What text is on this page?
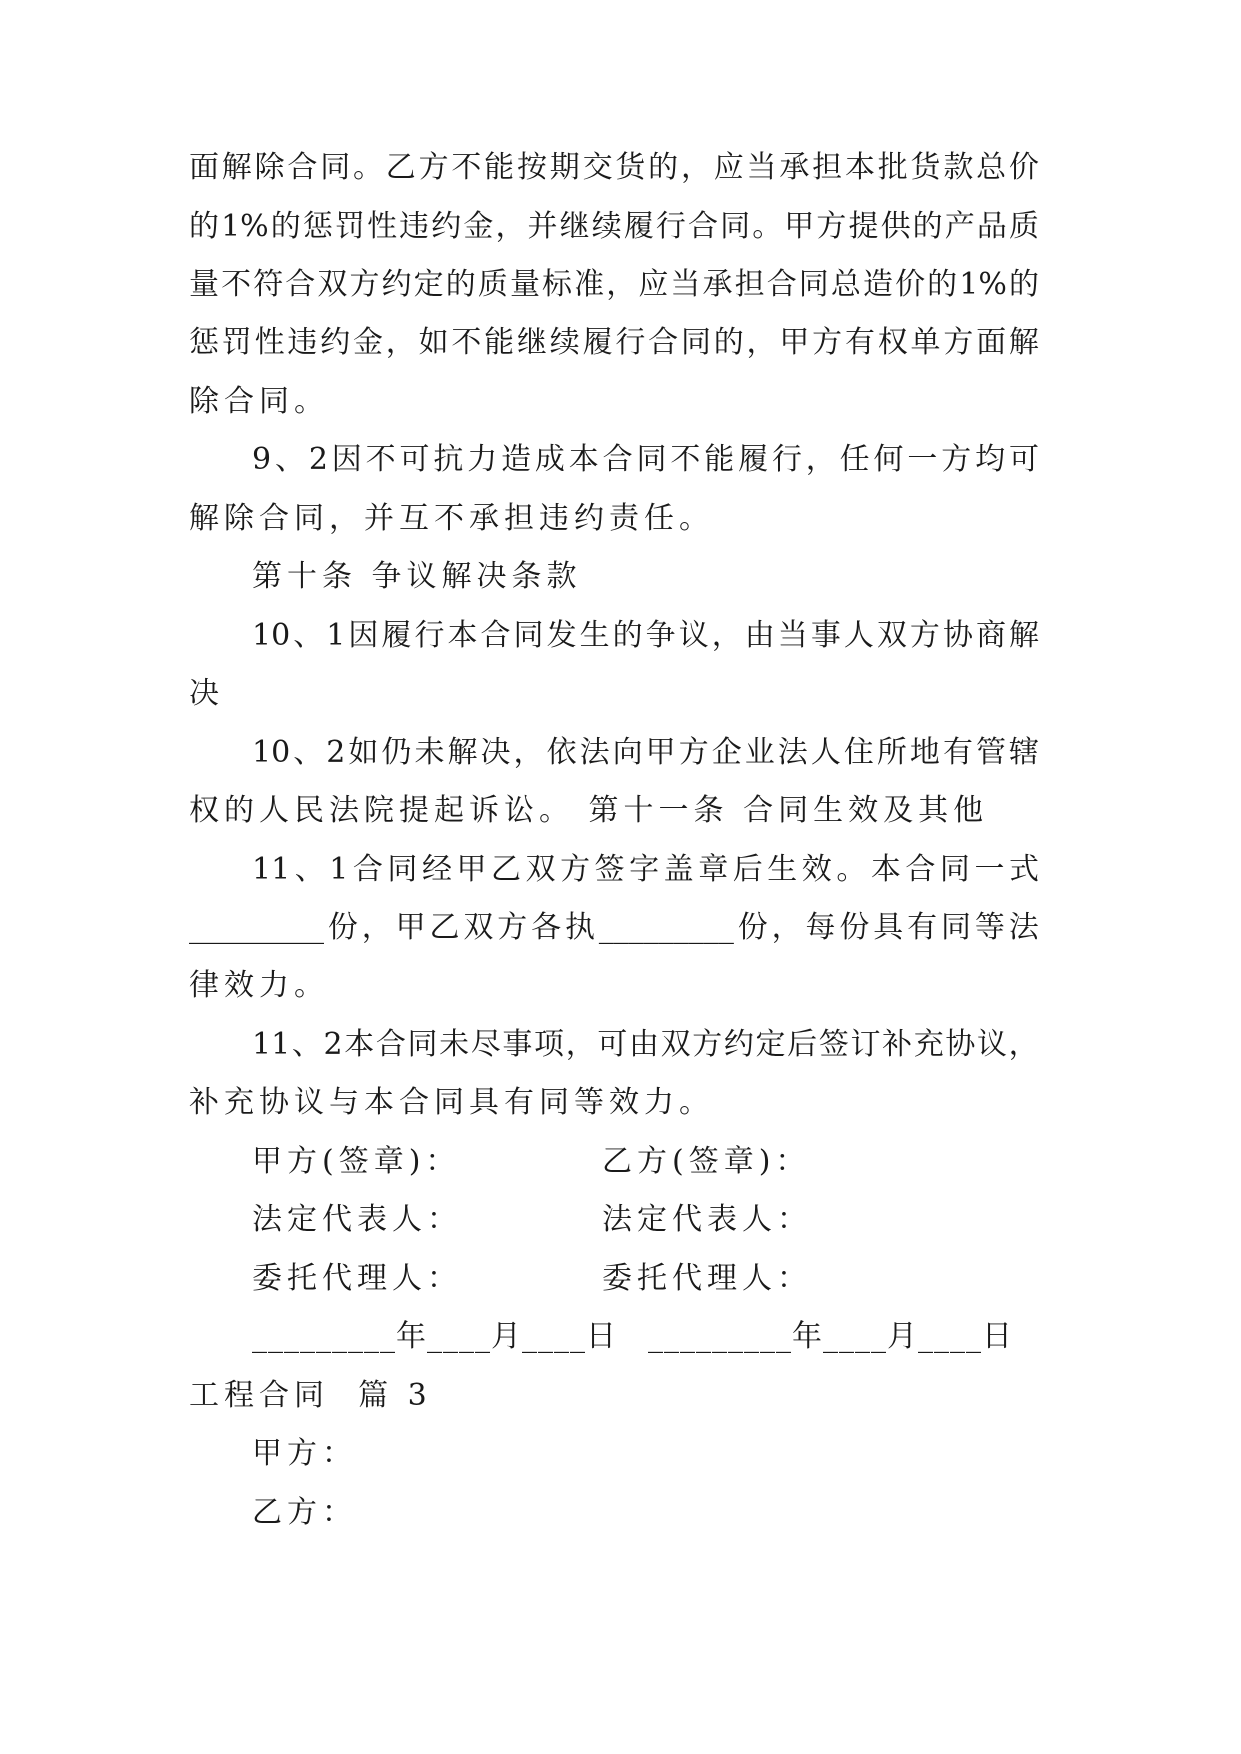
面 解 除 合 同 。 乙 方 不 能 按 期 交 货 的 ， 应 当 承 担 本 批 货 款 总 价
的 1% 的 惩 罚 性 违 约 金 ， 并 继 续 履 行 合 同 。 甲 方 提 供 的 产 品 质
量 不 符 合 双 方 约 定 的 质 量 标 准 ， 应 当 承 担 合 同 总 造 价 的 1% 的
惩 罚 性 违 约 金 ， 如 不 能 继 续 履 行 合 同 的 ， 甲 方 有 权 单 方 面 解
除合同。
9 、 2 因 不 可 抗 力 造 成 本 合 同 不 能 履 行 ， 任 何 一 方 均 可
解除合同，并互不承担违约责任。
第十条 争议解决条款
10 、 1 因 履 行 本 合 同 发 生 的 争 议 ， 由 当 事 人 双 方 协 商 解
决
10 、 2 如 仍 未 解 决 ， 依 法 向 甲 方 企 业 法 人 住 所 地 有 管 辖
权的人民法院提起诉讼。 第十一条 合同生效及其他
11 、 1 合 同 经 甲 乙 双 方 签 字 盖 章 后 生 效 。 本 合 同 一 式
_________ 份 ， 甲 乙 双 方 各 执 _________ 份 ， 每 份 具 有 同 等 法
律效力。
11 、 2 本 合 同 未 尽 事 项 ， 可 由 双 方 约 定 后 签 订 补 充 协 议 ，
补充协议与本合同具有同等效力。
甲方(签章)：	乙方(签章)：
法定代表人：	法定代表人：
委托代理人：	委托代理人：
_________年____月____日 _________年____月____日
工程合同  篇 3
甲方：
乙方：
